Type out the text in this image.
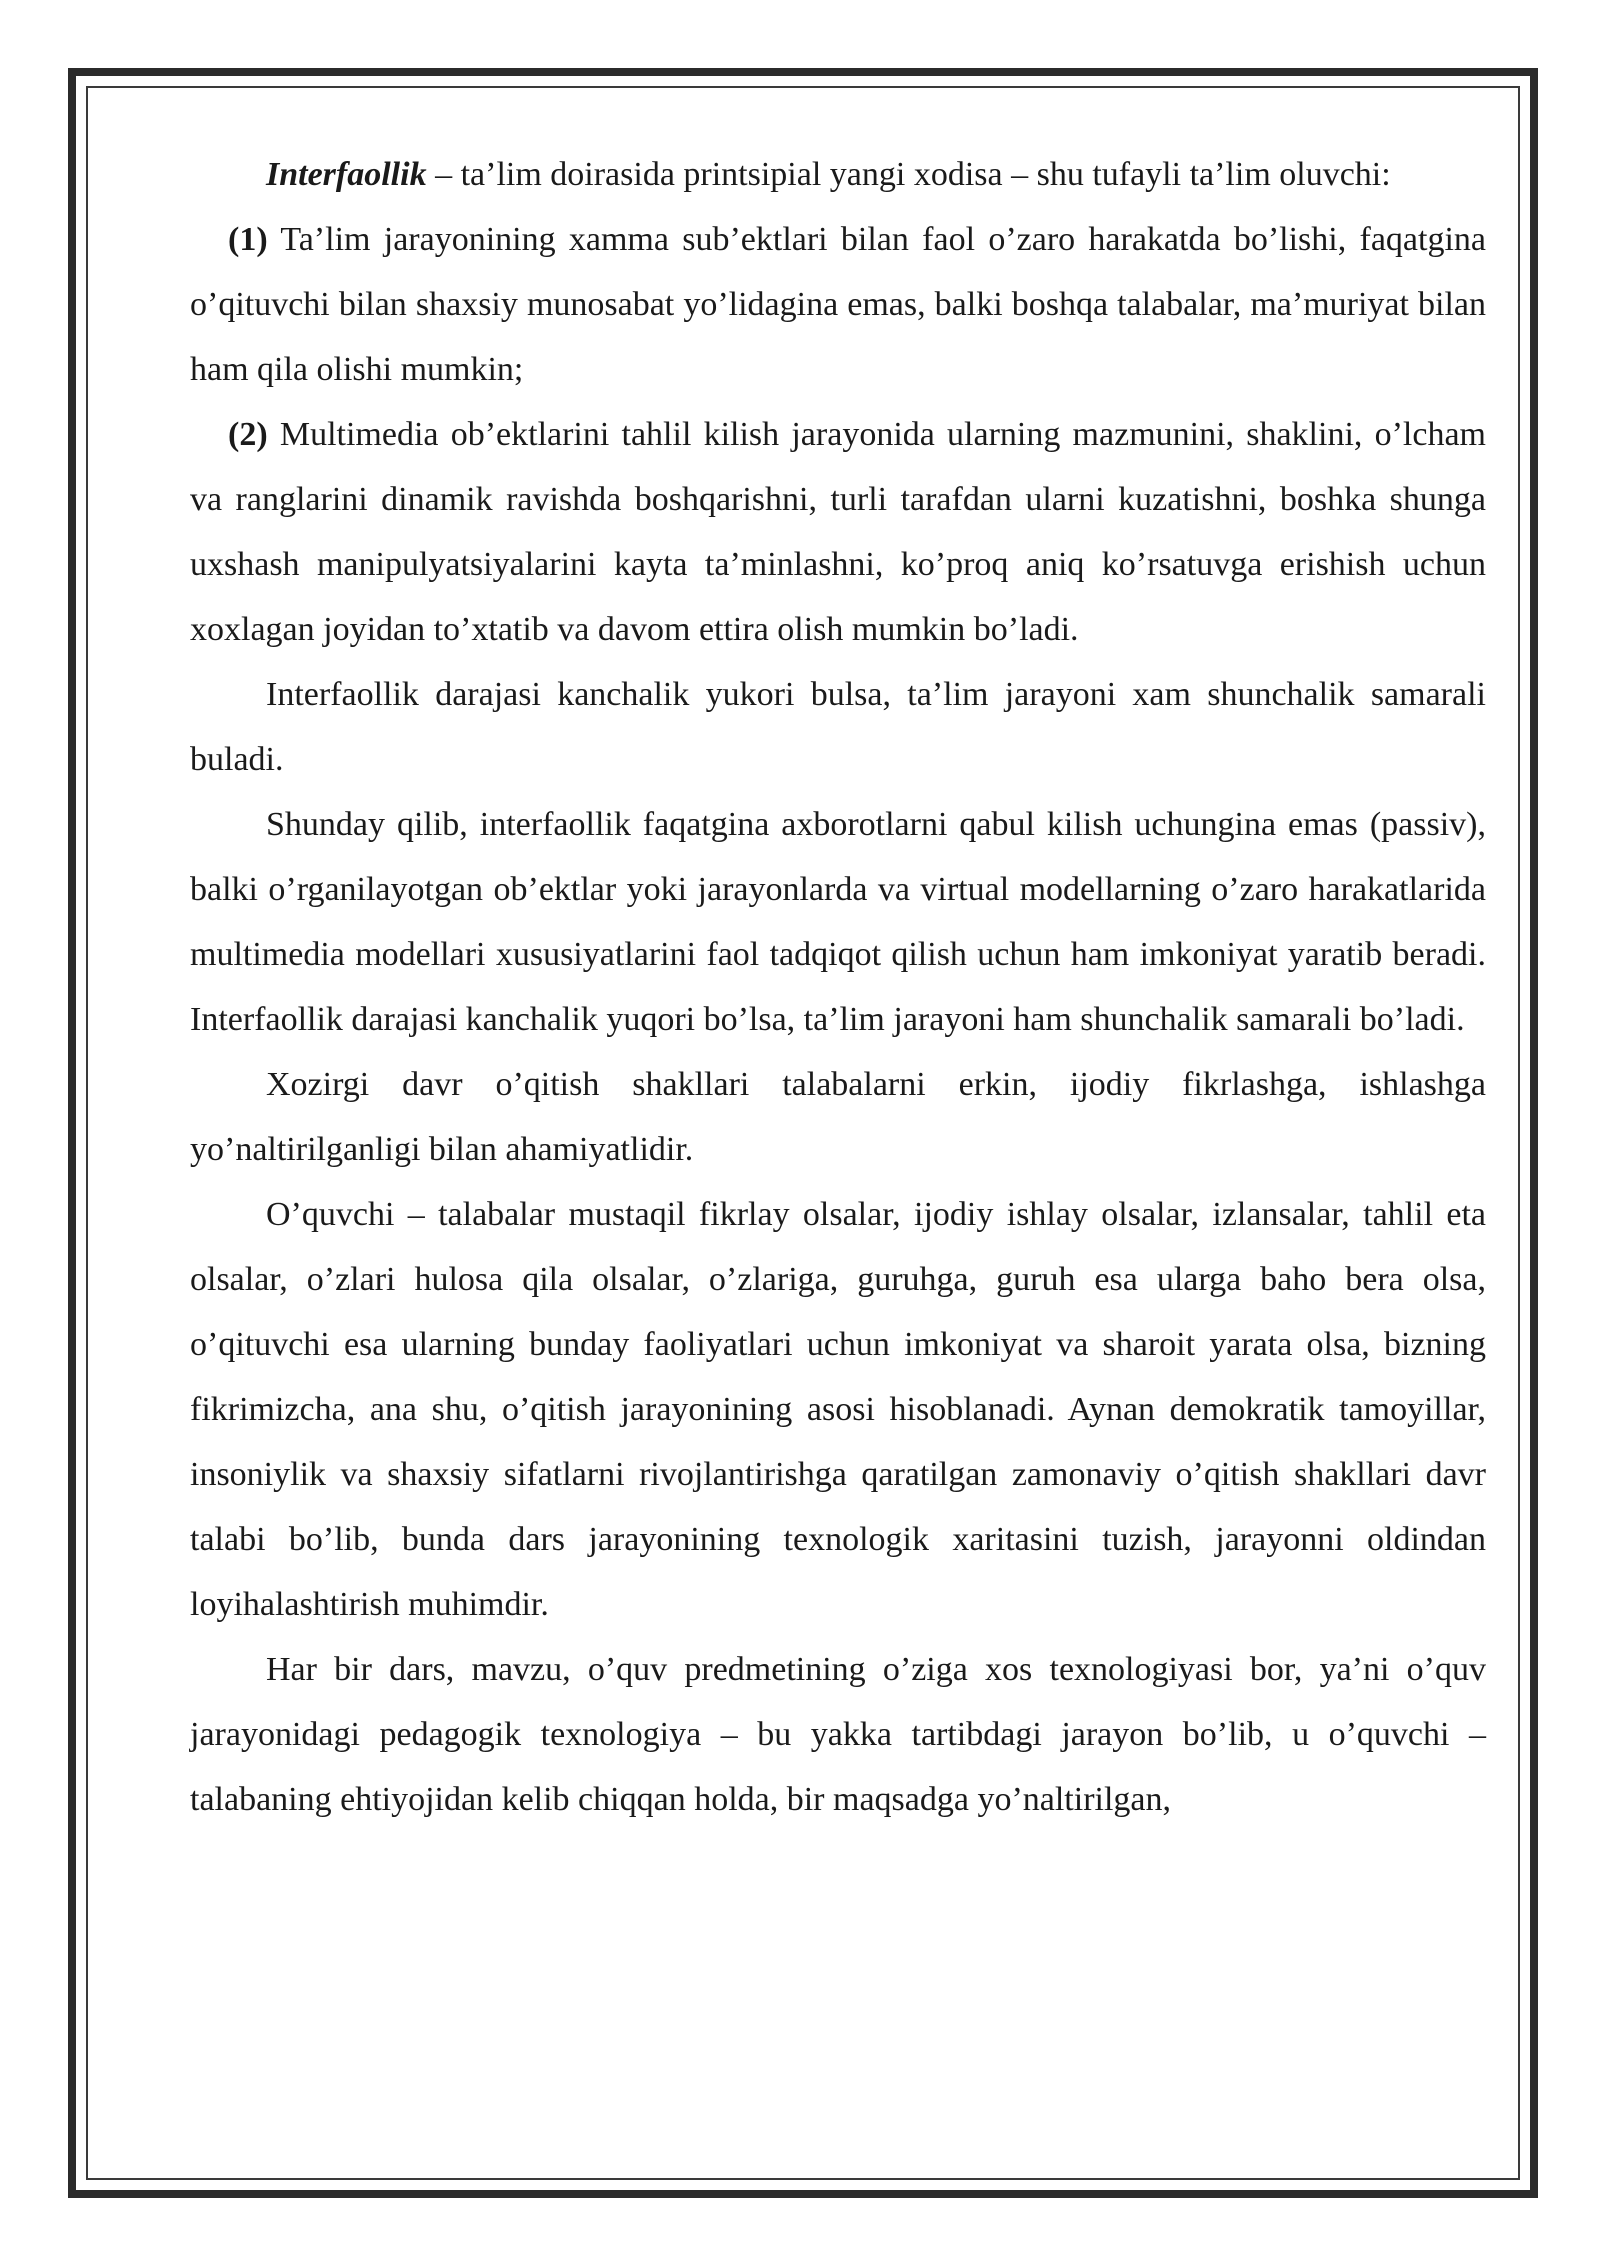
Interfaollik – ta’lim doirasida printsipial yangi xodisa – shu tufayli ta’lim oluvchi:

(1) Ta’lim jarayonining xamma sub’ektlari bilan faol o’zaro harakatda bo’lishi, faqatgina o’qituvchi bilan shaxsiy munosabat yo’lidagina emas, balki boshqa talabalar, ma’muriyat bilan ham qila olishi mumkin;

(2) Multimedia ob’ektlarini tahlil kilish jarayonida ularning mazmunini, shaklini, o’lcham va ranglarini dinamik ravishda boshqarishni, turli tarafdan ularni kuzatishni, boshka shunga uxshash manipulyatsiyalarini kayta ta’minlashni, ko’proq aniq ko’rsatuvga erishish uchun xoxlagan joyidan to’xtatib va davom ettira olish mumkin bo’ladi.

Interfaollik darajasi kanchalik yukori bulsa, ta’lim jarayoni xam shunchalik samarali buladi.

Shunday qilib, interfaollik faqatgina axborotlarni qabul kilish uchungina emas (passiv), balki o’rganilayotgan ob’ektlar yoki jarayonlarda va virtual modellarning o’zaro harakatlarida multimedia modellari xususiyatlarini faol tadqiqot qilish uchun ham imkoniyat yaratib beradi. Interfaollik darajasi kanchalik yuqori bo’lsa, ta’lim jarayoni ham shunchalik samarali bo’ladi.

Xozirgi davr o’qitish shakllari talabalarni erkin, ijodiy fikrlashga, ishlashga yo’naltirilganligi bilan ahamiyatlidir.

O’quvchi – talabalar mustaqil fikrlay olsalar, ijodiy ishlay olsalar, izlansalar, tahlil eta olsalar, o’zlari hulosa qila olsalar, o’zlariga, guruhga, guruh esa ularga baho bera olsa, o’qituvchi esa ularning bunday faoliyatlari uchun imkoniyat va sharoit yarata olsa, bizning fikrimizcha, ana shu, o’qitish jarayonining asosi hisoblanadi. Aynan demokratik tamoyillar, insoniylik va shaxsiy sifatlarni rivojlantirishga qaratilgan zamonaviy o’qitish shakllari davr talabi bo’lib, bunda dars jarayonining texnologik xaritasini tuzish, jarayonni oldindan loyihalashtirish muhimdir.

Har bir dars, mavzu, o’quv predmetining o’ziga xos texnologiyasi bor, ya’ni o’quv jarayonidagi pedagogik texnologiya – bu yakka tartibdagi jarayon bo’lib, u o’quvchi – talabaning ehtiyojidan kelib chiqqan holda, bir maqsadga yo’naltirilgan,
